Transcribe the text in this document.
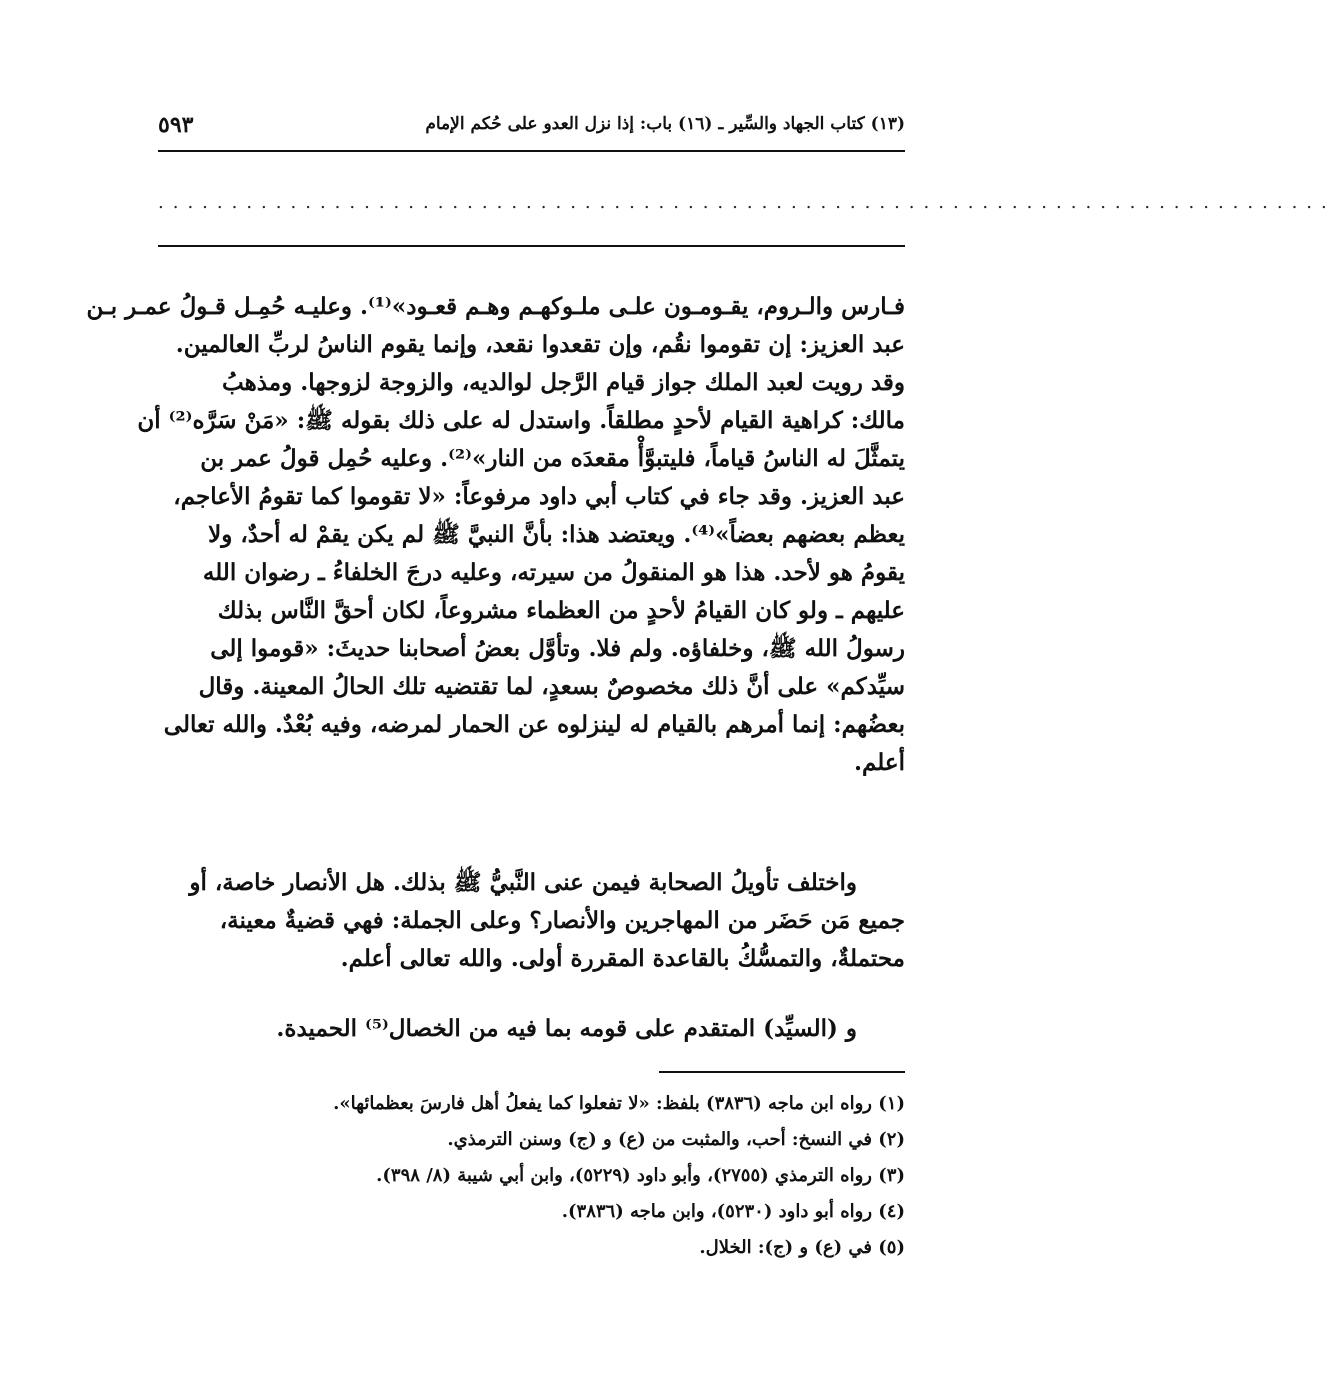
(١٣) كتاب الجهاد والسِّير ـ (١٦) باب: إذا نزل العدو على حُكم الإمام
٥٩٣
................................................................................
فـارس والـروم، يقـومـون علـى ملـوكهـم وهـم قعـود»⁽¹⁾. وعليـه حُمِـل قـولُ عمـر بـن
عبد العزيز: إن تقوموا نقُم، وإن تقعدوا نقعد، وإنما يقوم الناسُ لربِّ العالمين.
وقد رويت لعبد الملك جواز قيام الرَّجل لوالديه، والزوجة لزوجها. ومذهبُ
مالك: كراهية القيام لأحدٍ مطلقاً. واستدل له على ذلك بقوله ﷺ: «مَنْ سَرَّه⁽²⁾ أن
يتمثَّلَ له الناسُ قياماً، فليتبوَّأْ مقعدَه من النار»⁽²⁾. وعليه حُمِل قولُ عمر بن
عبد العزيز. وقد جاء في كتاب أبي داود مرفوعاً: «لا تقوموا كما تقومُ الأعاجم،
يعظم بعضهم بعضاً»⁽⁴⁾. ويعتضد هذا: بأنَّ النبيَّ ﷺ لم يكن يقمْ له أحدٌ، ولا
يقومُ هو لأحد. هذا هو المنقولُ من سيرته، وعليه درجَ الخلفاءُ ـ رضوان الله
عليهم ـ ولو كان القيامُ لأحدٍ من العظماء مشروعاً، لكان أحقَّ النَّاس بذلك
رسولُ الله ﷺ، وخلفاؤه. ولم فلا. وتأوَّل بعضُ أصحابنا حديثَ: «قوموا إلى
سيِّدكم» على أنَّ ذلك مخصوصٌ بسعدٍ، لما تقتضيه تلك الحالُ المعينة. وقال
بعضُهم: إنما أمرهم بالقيام له لينزلوه عن الحمار لمرضه، وفيه بُعْدٌ. والله تعالى
أعلم.
واختلف تأويلُ الصحابة فيمن عنى النَّبيُّ ﷺ بذلك. هل الأنصار خاصة، أو
جميع مَن حَضَر من المهاجرين والأنصار؟ وعلى الجملة: فهي قضيةٌ معينة،
محتملةٌ، والتمسُّكُ بالقاعدة المقررة أولى. والله تعالى أعلم.
و (السيِّد) المتقدم على قومه بما فيه من الخصال⁽⁵⁾ الحميدة.
(١) رواه ابن ماجه (٣٨٣٦) بلفظ: «لا تفعلوا كما يفعلُ أهل فارسَ بعظمائها».
(٢) في النسخ: أحب، والمثبت من (ع) و (ج) وسنن الترمذي.
(٣) رواه الترمذي (٢٧٥٥)، وأبو داود (٥٢٢٩)، وابن أبي شيبة (٨/ ٣٩٨).
(٤) رواه أبو داود (٥٢٣٠)، وابن ماجه (٣٨٣٦).
(٥) في (ع) و (ج): الخلال.
